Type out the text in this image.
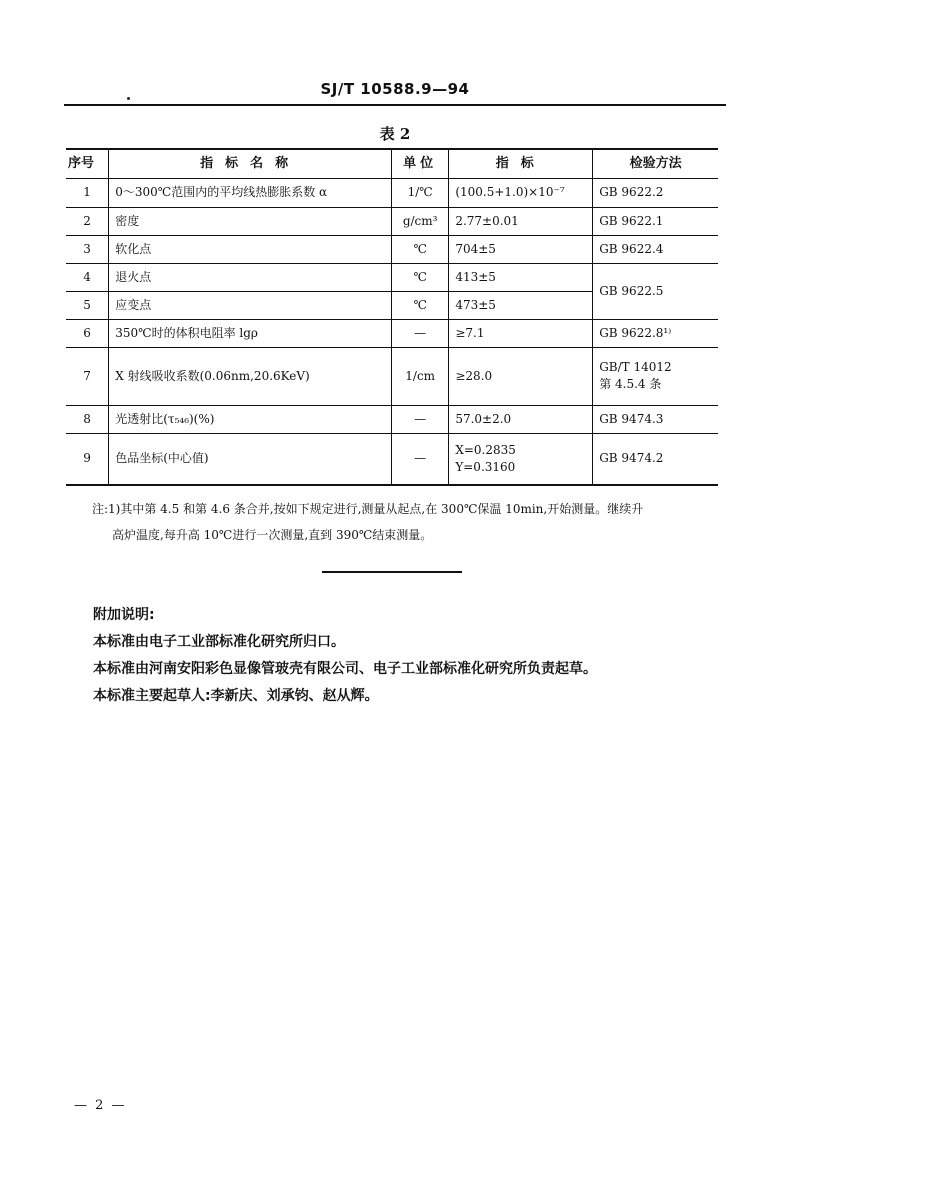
SJ/T 10588.9—94
表 2
序号	指标名称	单位	指标	检验方法
1	0～300℃范围内的平均线热膨胀系数 α	1/℃	(100.5+1.0)×10⁻⁷	GB 9622.2
2	密度	g/cm³	2.77±0.01	GB 9622.1
3	软化点	℃	704±5	GB 9622.4
4	退火点	℃	413±5	GB 9622.5
5	应变点	℃	473±5	
6	350℃时的体积电阻率 lgρ	—	≥7.1	GB 9622.8¹⁾
7	X 射线吸收系数(0.06nm,20.6KeV)	1/cm	≥28.0	GB/T 14012
第 4.5.4 条

8	光透射比(τ₅₄₆)(%)	—	57.0±2.0	GB 9474.3
9	色品坐标(中心值)	—	X=0.2835
Y=0.3160	GB 9474.2
注:1)其中第 4.5 和第 4.6 条合并,按如下规定进行,测量从起点,在 300℃保温 10min,开始测量。继续升
高炉温度,每升高 10℃进行一次测量,直到 390℃结束测量。
附加说明:
本标准由电子工业部标准化研究所归口。
本标准由河南安阳彩色显像管玻壳有限公司、电子工业部标准化研究所负责起草。
本标准主要起草人:李新庆、刘承钧、赵从辉。
— 2 —
